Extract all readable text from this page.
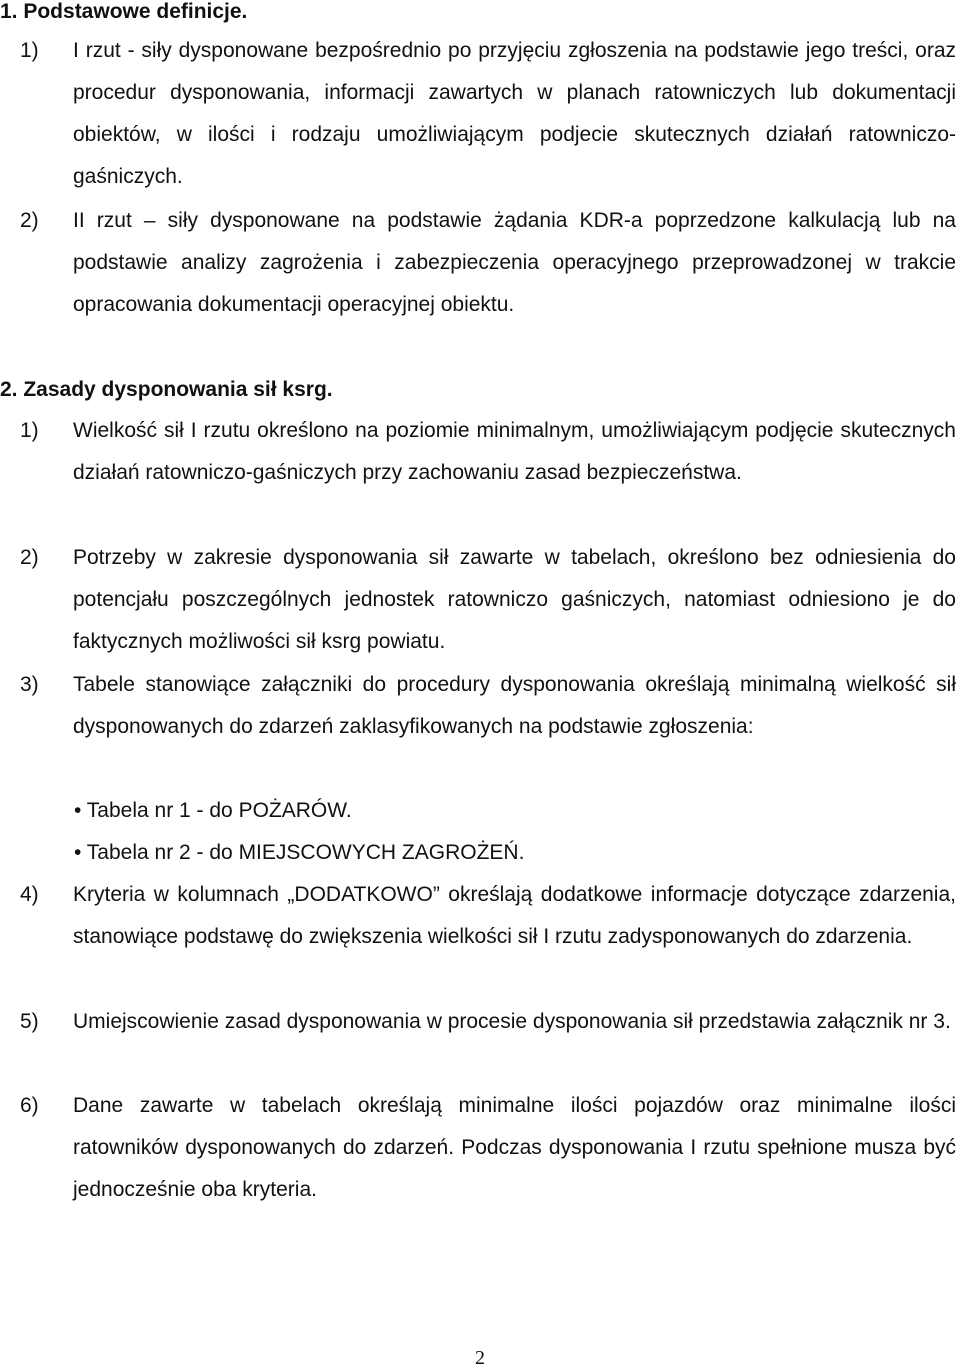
1. Podstawowe definicje.
1) I rzut - siły dysponowane bezpośrednio po przyjęciu zgłoszenia na podstawie jego treści, oraz procedur dysponowania, informacji zawartych w planach ratowniczych lub dokumentacji obiektów, w ilości i rodzaju umożliwiającym podjecie skutecznych działań ratowniczo-gaśniczych.
2) II rzut – siły dysponowane na podstawie żądania KDR-a poprzedzone kalkulacją lub na podstawie analizy zagrożenia i zabezpieczenia operacyjnego przeprowadzonej w trakcie opracowania dokumentacji operacyjnej obiektu.
2. Zasady dysponowania sił ksrg.
1) Wielkość sił I rzutu określono na poziomie minimalnym, umożliwiającym podjęcie skutecznych działań ratowniczo-gaśniczych przy zachowaniu zasad bezpieczeństwa.
2) Potrzeby w zakresie dysponowania sił zawarte w tabelach, określono bez odniesienia do potencjału poszczególnych jednostek ratowniczo gaśniczych, natomiast odniesiono je do faktycznych możliwości sił ksrg powiatu.
3) Tabele stanowiące załączniki do procedury dysponowania określają minimalną wielkość sił dysponowanych do zdarzeń zaklasyfikowanych na podstawie zgłoszenia:
• Tabela nr 1 - do POŻARÓW.
• Tabela nr 2 - do MIEJSCOWYCH ZAGROŻEŃ.
4) Kryteria w kolumnach „DODATKOWO” określają dodatkowe informacje dotyczące zdarzenia, stanowiące podstawę do zwiększenia wielkości sił I rzutu zadysponowanych do zdarzenia.
5) Umiejscowienie zasad dysponowania w procesie dysponowania sił przedstawia załącznik nr 3.
6) Dane zawarte w tabelach określają minimalne ilości pojazdów oraz minimalne ilości ratowników dysponowanych do zdarzeń. Podczas dysponowania I rzutu spełnione musza być jednocześnie oba kryteria.
2
